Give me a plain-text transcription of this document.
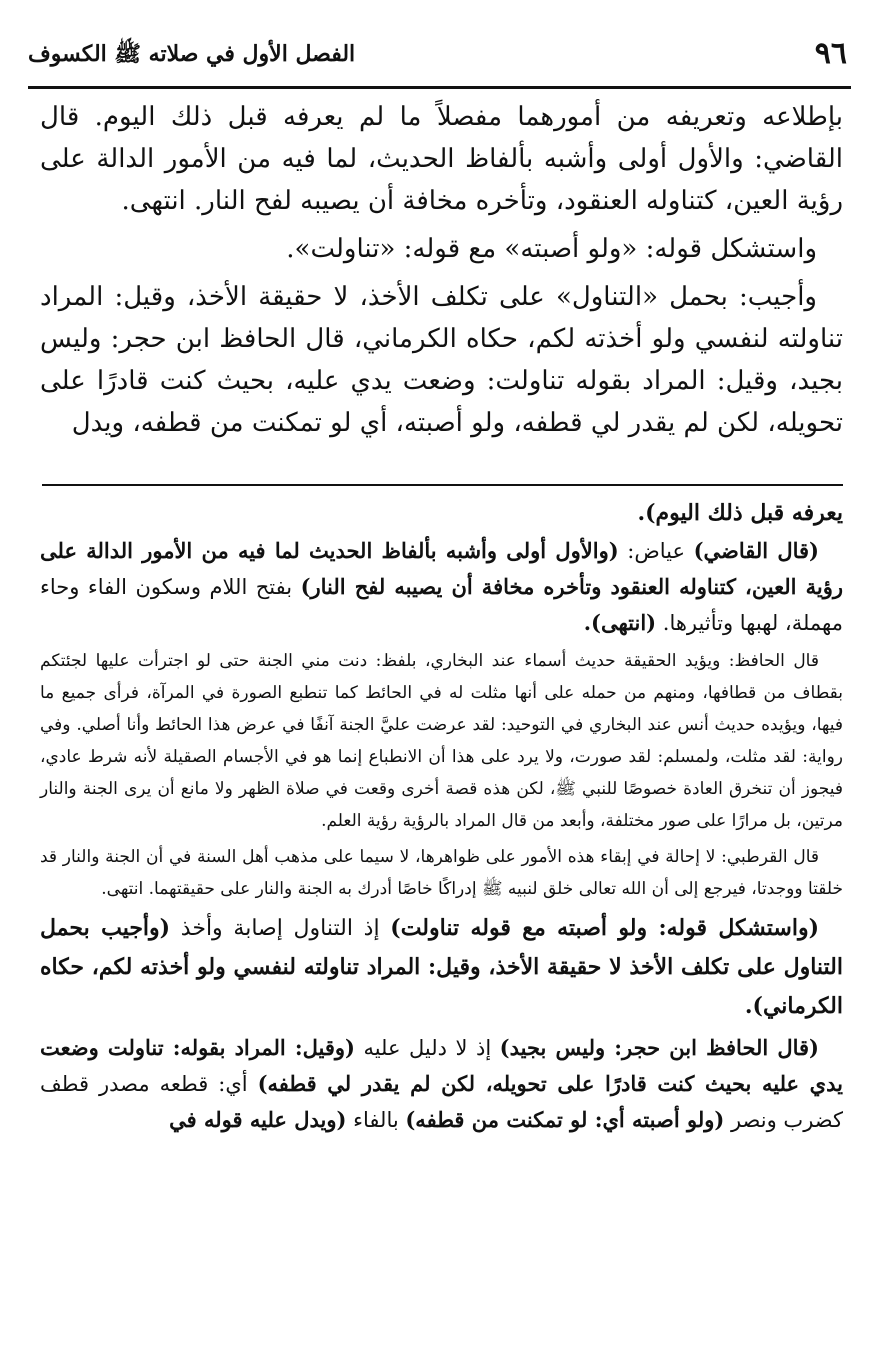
٩٦
الفصل الأول في صلاته ﷺ الكسوف

بإطلاعه وتعريفه من أمورهما مفصلاً ما لم يعرفه قبل ذلك اليوم. قال القاضي: والأول أولى وأشبه بألفاظ الحديث، لما فيه من الأمور الدالة على رؤية العين، كتناوله العنقود، وتأخره مخافة أن يصيبه لفح النار. انتهى.

واستشكل قوله: «ولو أصبته» مع قوله: «تناولت».

وأجيب: بحمل «التناول» على تكلف الأخذ، لا حقيقة الأخذ، وقيل: المراد تناولته لنفسي ولو أخذته لكم، حكاه الكرماني، قال الحافظ ابن حجر: وليس بجيد، وقيل: المراد بقوله تناولت: وضعت يدي عليه، بحيث كنت قادرًا على تحويله، لكن لم يقدر لي قطفه، ولو أصبته، أي لو تمكنت من قطفه، ويدل

يعرفه قبل ذلك اليوم).

(قال القاضي) عياض: (والأول أولى وأشبه بألفاظ الحديث لما فيه من الأمور الدالة على رؤية العين، كتناوله العنقود وتأخره مخافة أن يصيبه لفح النار) بفتح اللام وسكون الفاء وحاء مهملة، لهبها وتأثيرها. (انتهى).

قال الحافظ: ويؤيد الحقيقة حديث أسماء عند البخاري، بلفظ: دنت مني الجنة حتى لو اجترأت عليها لجئتكم بقطاف من قطافها، ومنهم من حمله على أنها مثلت له في الحائط كما تنطبع الصورة في المرآة، فرأى جميع ما فيها، ويؤيده حديث أنس عند البخاري في التوحيد: لقد عرضت عليَّ الجنة آنفًا في عرض هذا الحائط وأنا أصلي. وفي رواية: لقد مثلت، ولمسلم: لقد صورت، ولا يرد على هذا أن الانطباع إنما هو في الأجسام الصقيلة لأنه شرط عادي، فيجوز أن تنخرق العادة خصوصًا للنبي ﷺ، لكن هذه قصة أخرى وقعت في صلاة الظهر ولا مانع أن يرى الجنة والنار مرتين، بل مرارًا على صور مختلفة، وأبعد من قال المراد بالرؤية رؤية العلم.

قال القرطبي: لا إحالة في إبقاء هذه الأمور على ظواهرها، لا سيما على مذهب أهل السنة في أن الجنة والنار قد خلقتا ووجدتا، فيرجع إلى أن الله تعالى خلق لنبيه ﷺ إدراكًا خاصًا أدرك به الجنة والنار على حقيقتهما. انتهى.

(واستشكل قوله: ولو أصبته مع قوله تناولت) إذ التناول إصابة وأخذ (وأجيب بحمل التناول على تكلف الأخذ لا حقيقة الأخذ، وقيل: المراد تناولته لنفسي ولو أخذته لكم، حكاه الكرماني).

(قال الحافظ ابن حجر: وليس بجيد) إذ لا دليل عليه (وقيل: المراد بقوله: تناولت وضعت يدي عليه بحيث كنت قادرًا على تحويله، لكن لم يقدر لي قطفه) أي: قطعه مصدر قطف كضرب ونصر (ولو أصبته أي: لو تمكنت من قطفه) بالفاء (ويدل عليه قوله في
